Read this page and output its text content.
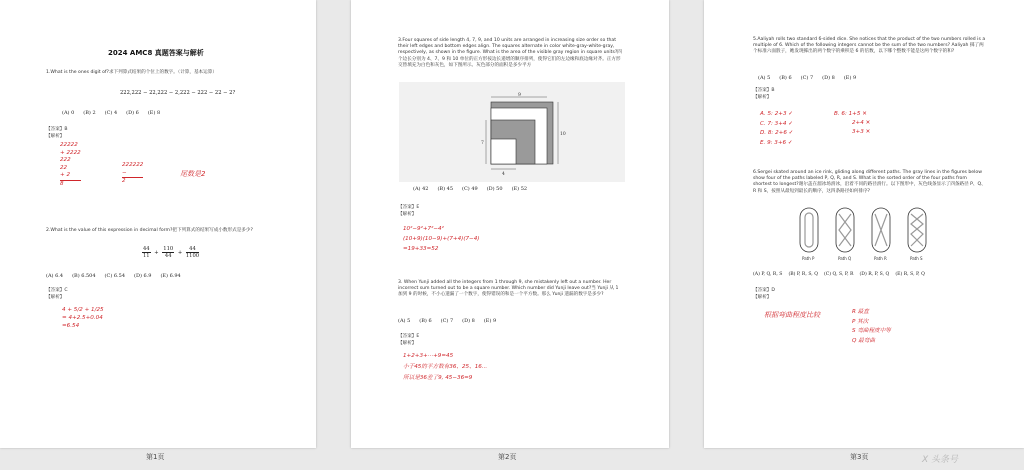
2024 AMC8 真题答案与解析
1.What is the ones digit of?求下列算式结果的个位上的数字。（计算，基本运算）
222,222 − 22,222 − 2,222 − 222 − 22 − 2?
(A) 0 (B) 2 (C) 4 (D) 6 (E) 8
【答案】B
【解析】
22222
+ 2222
222
22
+ 2
8
222222
−
2
尾数是2
2.What is the value of this expression in decimal form?把下列算式的结果写成小数形式是多少?
$\frac{44}{11} + \frac{110}{44} + \frac{44}{1100}$
(A) 6.4 (B) 6.504 (C) 6.54 (D) 6.9 (E) 6.94
【答案】C
【解析】
4 + 5/2 + 1/25
= 4+2.5+0.04
=6.54
第1页
3.Four squares of side length 4, 7, 9, and 10 units are arranged in increasing size order so that their left edges and bottom edges align. The squares alternate in color white-gray-white-gray, respectively, as shown in the figure. What is the area of the visible gray region in square units?四个边长分别为 4、7、9 和 10 单位的正方形按边长递增的顺序排列，使得它们的左边缘和底边缘对齐。正方形交替填充为白色和灰色，如下图所示。灰色部分的面积是多少平方
9
10
7
4
(A) 42 (B) 45 (C) 49 (D) 50 (E) 52
【答案】E
【解析】
10²−9²+7²−4²
(10+9)(10−9)+(7+4)(7−4)
=19+33=52
3. When Yunji added all the integers from 1 through 9, she mistakenly left out a number. Her incorrect sum turned out to be a square number. Which number did Yunji leave out?当 Yunji 从 1 加到 9 的时候，不小心遗漏了一个数字，使得错误的和是一个平方数。那么 Yunji 遗漏的数字是多少?
(A) 5 (B) 6 (C) 7 (D) 8 (E) 9
【答案】E
【解析】
1+2+3+···+9=45
小于45的平方数有36、25、16...
所以是36差了9, 45−36=9
第2页
5.Aaliyah rolls two standard 6-sided dice. She notices that the product of the two numbers rolled is a multiple of 6. Which of the following integers cannot be the sum of the two numbers? Aaliyah 掷了两个标准六面骰子，她发现掷出的两个数字的乘积是 6 的倍数，以下哪个整数不能是这两个数字的和?
(A) 5 (B) 6 (C) 7 (D) 8 (E) 9
【答案】B
【解析】
A. 5: 2+3 ✓
C. 7: 3+4 ✓
D. 8: 2+6 ✓
E. 9: 3+6 ✓
B. 6: 1+5 ✕
2+4 ✕
3+3 ✕
6.Sergei skated around an ice rink, gliding along different paths. The gray lines in the figures below show four of the paths labeled P, Q, R, and S. What is the sorted order of the four paths from shortest to longest?谢尔盖在溜冰场滑冰，沿着不同的路径滑行。以下图形中，灰色线条显示了四条路径 P、Q、R 和 S，按照从最短到最长的顺序，这四条路径如何排序?
Path P	Path Q	Path R	Path S
(A) P, Q, R, S (B) P, R, S, Q (C) Q, S, P, R (D) R, P, S, Q (E) R, S, P, Q
【答案】D
【解析】
根据弯曲程度比较	R 最直
P 其次
S 弯曲程度中等
Q 最弯曲
第3页	X 头条号
